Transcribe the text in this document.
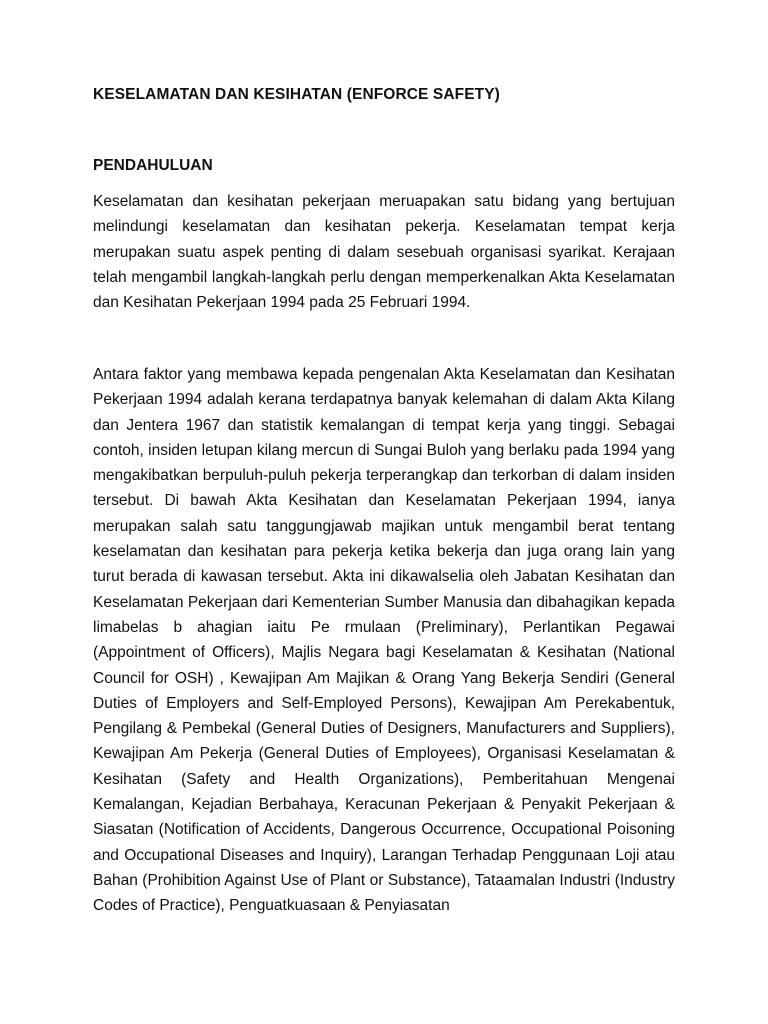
KESELAMATAN DAN KESIHATAN (ENFORCE SAFETY)
PENDAHULUAN

Keselamatan dan kesihatan pekerjaan meruapakan satu bidang yang bertujuan
melindungi keselamatan dan kesihatan pekerja. Keselamatan tempat kerja
merupakan suatu aspek penting di dalam sesebuah organisasi syarikat. Kerajaan
telah mengambil langkah-langkah perlu dengan memperkenalkan Akta Keselamatan
dan Kesihatan Pekerjaan 1994 pada 25 Februari 1994.

Antara faktor yang membawa kepada pengenalan Akta Keselamatan dan Kesihatan
Pekerjaan 1994 adalah kerana terdapatnya banyak kelemahan di dalam Akta Kilang
dan Jentera 1967 dan statistik kemalangan di tempat kerja yang tinggi. Sebagai
contoh, insiden letupan kilang mercun di Sungai Buloh yang berlaku pada 1994 yang
mengakibatkan berpuluh-puluh pekerja terperangkap dan terkorban di dalam insiden
tersebut. Di bawah Akta Kesihatan dan Keselamatan Pekerjaan 1994, ianya
merupakan salah satu tanggungjawab majikan untuk mengambil berat tentang
keselamatan dan kesihatan para pekerja ketika bekerja dan juga orang lain yang
turut berada di kawasan tersebut. Akta ini dikawalselia oleh Jabatan Kesihatan dan
Keselamatan Pekerjaan dari Kementerian Sumber Manusia dan dibahagikan kepada
limabelas b ahagian iaitu Pe rmulaan (Preliminary), Perlantikan Pegawai
(Appointment of Officers), Majlis Negara bagi Keselamatan & Kesihatan (National
Council for OSH) , Kewajipan Am Majikan & Orang Yang Bekerja Sendiri (General
Duties of Employers and Self-Employed Persons), Kewajipan Am Perekabentuk,
Pengilang & Pembekal (General Duties of Designers, Manufacturers and Suppliers),
Kewajipan Am Pekerja (General Duties of Employees), Organisasi Keselamatan &
Kesihatan (Safety and Health Organizations), Pemberitahuan Mengenai
Kemalangan, Kejadian Berbahaya, Keracunan Pekerjaan & Penyakit Pekerjaan &
Siasatan (Notification of Accidents, Dangerous Occurrence, Occupational Poisoning
and Occupational Diseases and Inquiry), Larangan Terhadap Penggunaan Loji atau
Bahan (Prohibition Against Use of Plant or Substance), Tataamalan Industri (Industry
Codes of Practice), Penguatkuasaan & Penyiasatan
